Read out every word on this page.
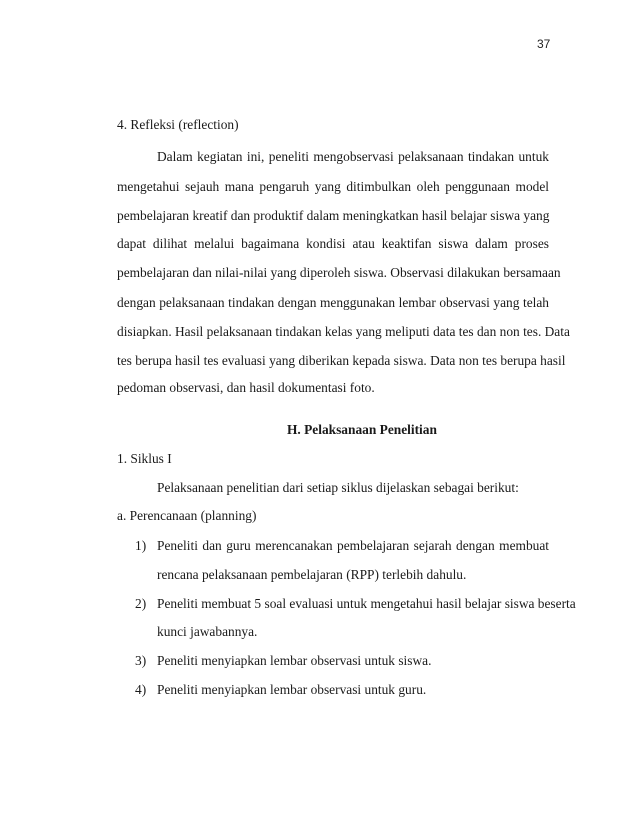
37
4. Refleksi (reflection)
Dalam kegiatan ini, peneliti mengobservasi pelaksanaan tindakan untuk
mengetahui sejauh mana pengaruh yang ditimbulkan oleh penggunaan model
pembelajaran kreatif dan produktif dalam meningkatkan hasil belajar siswa yang
dapat dilihat melalui bagaimana kondisi atau keaktifan siswa dalam proses
pembelajaran dan nilai-nilai yang diperoleh siswa. Observasi dilakukan bersamaan
dengan pelaksanaan tindakan dengan menggunakan lembar observasi yang telah
disiapkan. Hasil pelaksanaan tindakan kelas yang meliputi data tes dan non tes. Data
tes berupa hasil tes evaluasi yang diberikan kepada siswa. Data non tes berupa hasil
pedoman observasi, dan hasil dokumentasi foto.
H. Pelaksanaan Penelitian
1. Siklus I
Pelaksanaan penelitian dari setiap siklus dijelaskan sebagai berikut:
a. Perencanaan (planning)
1) Peneliti dan guru merencanakan pembelajaran sejarah dengan membuat
rencana pelaksanaan pembelajaran (RPP) terlebih dahulu.
2) Peneliti membuat 5 soal evaluasi untuk mengetahui hasil belajar siswa beserta
kunci jawabannya.
3) Peneliti menyiapkan lembar observasi untuk siswa.
4) Peneliti menyiapkan lembar observasi untuk guru.
